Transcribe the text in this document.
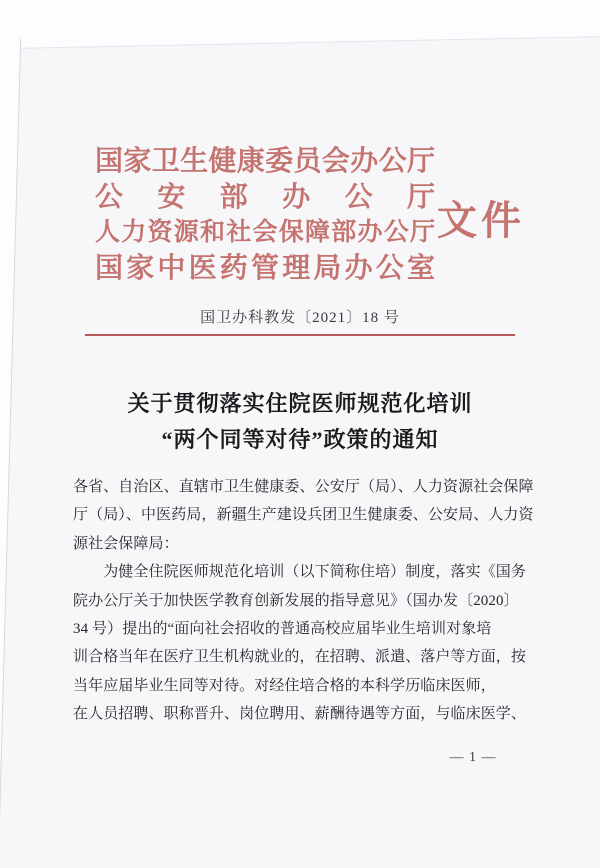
国家卫生健康委员会办公厅
公安部办公厅
人力资源和社会保障部办公厅
国家中医药管理局办公室
文件
国卫办科教发〔2021〕18 号
关于贯彻落实住院医师规范化培训
“两个同等对待”政策的通知
各省、自治区、直辖市卫生健康委、公安厅（局）、人力资源社会保障
厅（局）、中医药局，新疆生产建设兵团卫生健康委、公安局、人力资
源社会保障局：
　　为健全住院医师规范化培训（以下简称住培）制度，落实《国务
院办公厅关于加快医学教育创新发展的指导意见》（国办发〔2020〕
34 号）提出的“面向社会招收的普通高校应届毕业生培训对象培
训合格当年在医疗卫生机构就业的，在招聘、派遣、落户等方面，按
当年应届毕业生同等对待。对经住培合格的本科学历临床医师，
在人员招聘、职称晋升、岗位聘用、薪酬待遇等方面，与临床医学、
— 1 —
